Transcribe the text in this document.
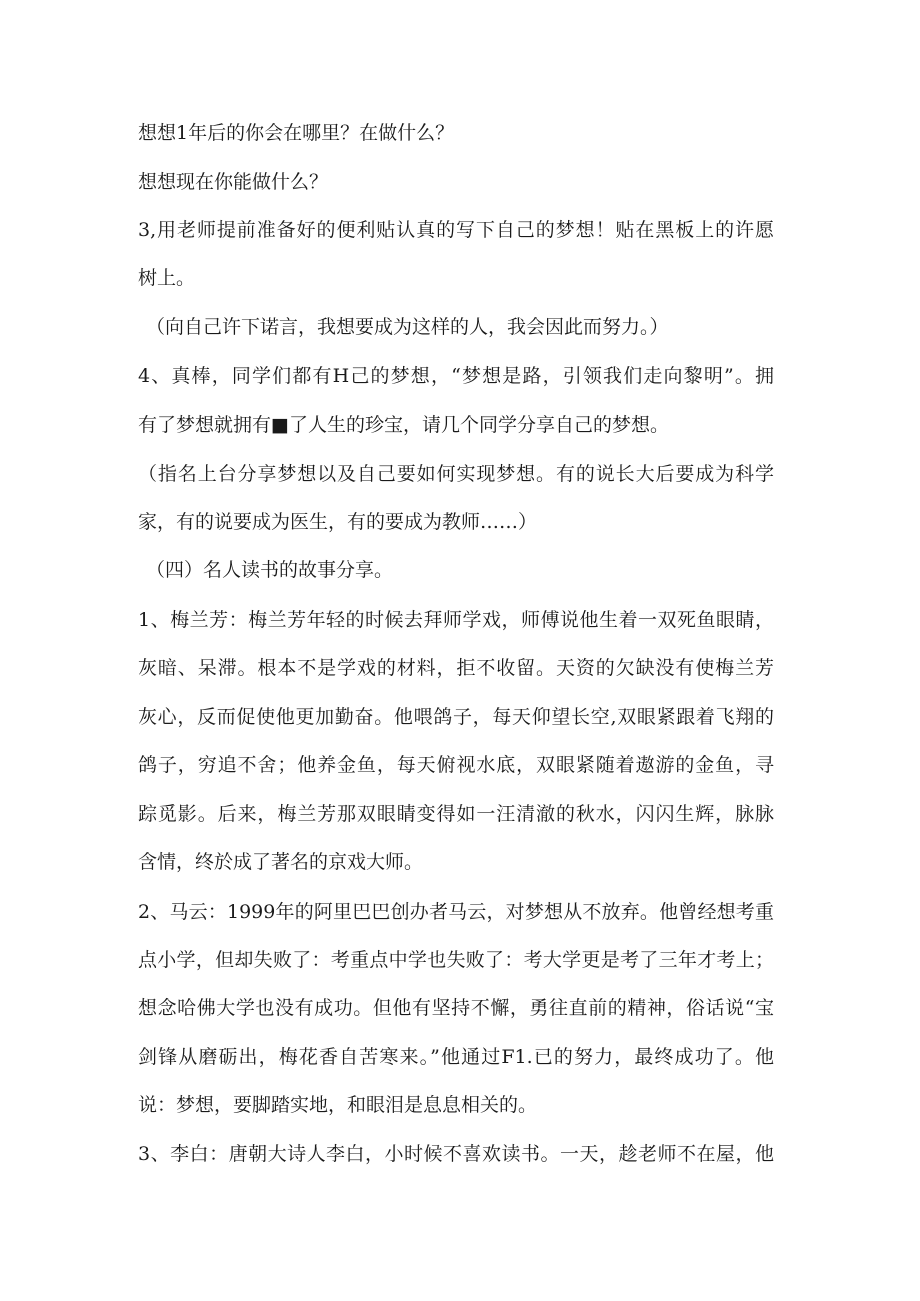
想想1年后的你会在哪里？在做什么？
想想现在你能做什么？
3,用老师提前准备好的便利贴认真的写下自己的梦想！贴在黑板上的许愿
树上。
（向自己许下诺言，我想要成为这样的人，我会因此而努力。）
4、真棒，同学们都有H己的梦想，“梦想是路，引领我们走向黎明”。拥
有了梦想就拥有■了人生的珍宝，请几个同学分享自己的梦想。
（指名上台分享梦想以及自己要如何实现梦想。有的说长大后要成为科学
家，有的说要成为医生，有的要成为教师……）
（四）名人读书的故事分享。
1、梅兰芳：梅兰芳年轻的时候去拜师学戏，师傅说他生着一双死鱼眼睛，
灰暗、呆滞。根本不是学戏的材料，拒不收留。天资的欠缺没有使梅兰芳
灰心，反而促使他更加勤奋。他喂鸽子，每天仰望长空,双眼紧跟着飞翔的
鸽子，穷追不舍；他养金鱼，每天俯视水底，双眼紧随着遨游的金鱼，寻
踪觅影。后来，梅兰芳那双眼睛变得如一汪清澈的秋水，闪闪生辉，脉脉
含情，终於成了著名的京戏大师。
2、马云：1999年的阿里巴巴创办者马云，对梦想从不放弃。他曾经想考重
点小学，但却失败了：考重点中学也失败了：考大学更是考了三年才考上；
想念哈佛大学也没有成功。但他有坚持不懈，勇往直前的精神，俗话说“宝
剑锋从磨砺出，梅花香自苦寒来。”他通过F1.已的努力，最终成功了。他
说：梦想，要脚踏实地，和眼泪是息息相关的。
3、李白：唐朝大诗人李白，小时候不喜欢读书。一天，趁老师不在屋，他
